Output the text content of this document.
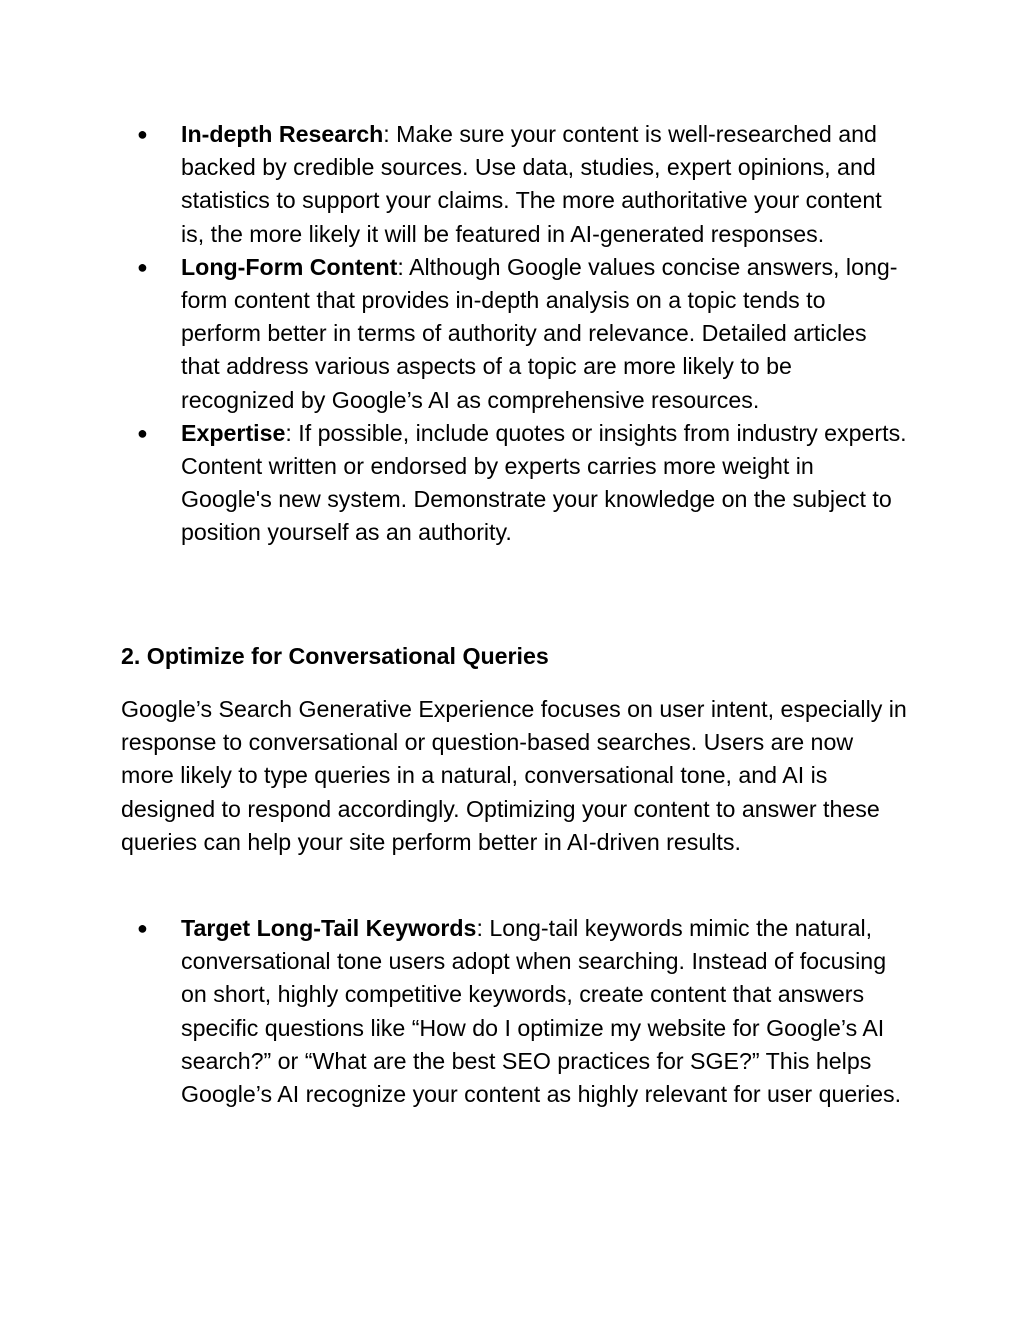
● In-depth Research: Make sure your content is well-researched and backed by credible sources. Use data, studies, expert opinions, and statistics to support your claims. The more authoritative your content is, the more likely it will be featured in AI-generated responses.
● Long-Form Content: Although Google values concise answers, long-form content that provides in-depth analysis on a topic tends to perform better in terms of authority and relevance. Detailed articles that address various aspects of a topic are more likely to be recognized by Google’s AI as comprehensive resources.
● Expertise: If possible, include quotes or insights from industry experts. Content written or endorsed by experts carries more weight in Google's new system. Demonstrate your knowledge on the subject to position yourself as an authority.
2. Optimize for Conversational Queries

Google’s Search Generative Experience focuses on user intent, especially in response to conversational or question-based searches. Users are now more likely to type queries in a natural, conversational tone, and AI is designed to respond accordingly. Optimizing your content to answer these queries can help your site perform better in AI-driven results.

● Target Long-Tail Keywords: Long-tail keywords mimic the natural, conversational tone users adopt when searching. Instead of focusing on short, highly competitive keywords, create content that answers specific questions like “How do I optimize my website for Google’s AI search?” or “What are the best SEO practices for SGE?” This helps Google’s AI recognize your content as highly relevant for user queries.
